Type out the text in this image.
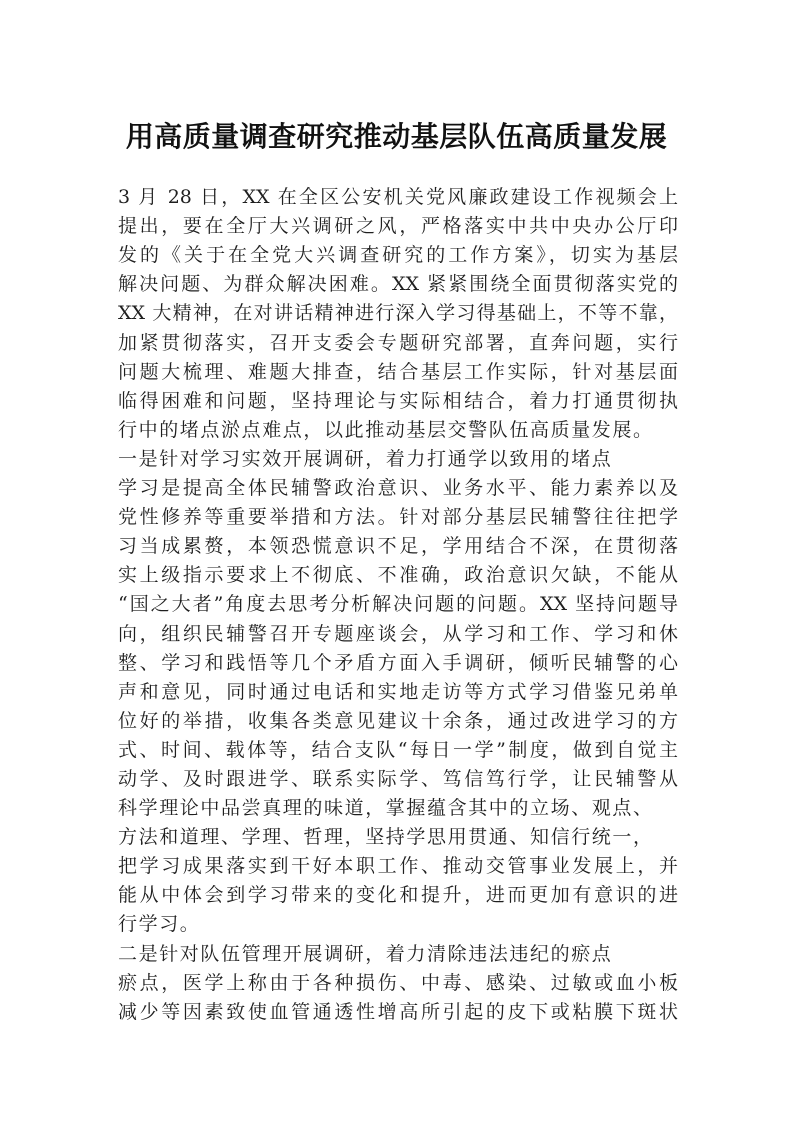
用高质量调查研究推动基层队伍高质量发展
3 月 28 日，XX 在全区公安机关党风廉政建设工作视频会上
提出，要在全厅大兴调研之风，严格落实中共中央办公厅印
发的《关于在全党大兴调查研究的工作方案》，切实为基层
解决问题、为群众解决困难。XX 紧紧围绕全面贯彻落实党的
XX 大精神，在对讲话精神进行深入学习得基础上，不等不靠，
加紧贯彻落实，召开支委会专题研究部署，直奔问题，实行
问题大梳理、难题大排查，结合基层工作实际，针对基层面
临得困难和问题，坚持理论与实际相结合，着力打通贯彻执
行中的堵点淤点难点，以此推动基层交警队伍高质量发展。
一是针对学习实效开展调研，着力打通学以致用的堵点
学习是提高全体民辅警政治意识、业务水平、能力素养以及
党性修养等重要举措和方法。针对部分基层民辅警往往把学
习当成累赘，本领恐慌意识不足，学用结合不深，在贯彻落
实上级指示要求上不彻底、不准确，政治意识欠缺，不能从
“国之大者”角度去思考分析解决问题的问题。XX 坚持问题导
向，组织民辅警召开专题座谈会，从学习和工作、学习和休
整、学习和践悟等几个矛盾方面入手调研，倾听民辅警的心
声和意见，同时通过电话和实地走访等方式学习借鉴兄弟单
位好的举措，收集各类意见建议十余条，通过改进学习的方
式、时间、载体等，结合支队“每日一学”制度，做到自觉主
动学、及时跟进学、联系实际学、笃信笃行学，让民辅警从
科学理论中品尝真理的味道，掌握蕴含其中的立场、观点、
方法和道理、学理、哲理，坚持学思用贯通、知信行统一，
把学习成果落实到干好本职工作、推动交管事业发展上，并
能从中体会到学习带来的变化和提升，进而更加有意识的进
行学习。
二是针对队伍管理开展调研，着力清除违法违纪的瘀点
瘀点，医学上称由于各种损伤、中毒、感染、过敏或血小板
减少等因素致使血管通透性增高所引起的皮下或粘膜下斑状
